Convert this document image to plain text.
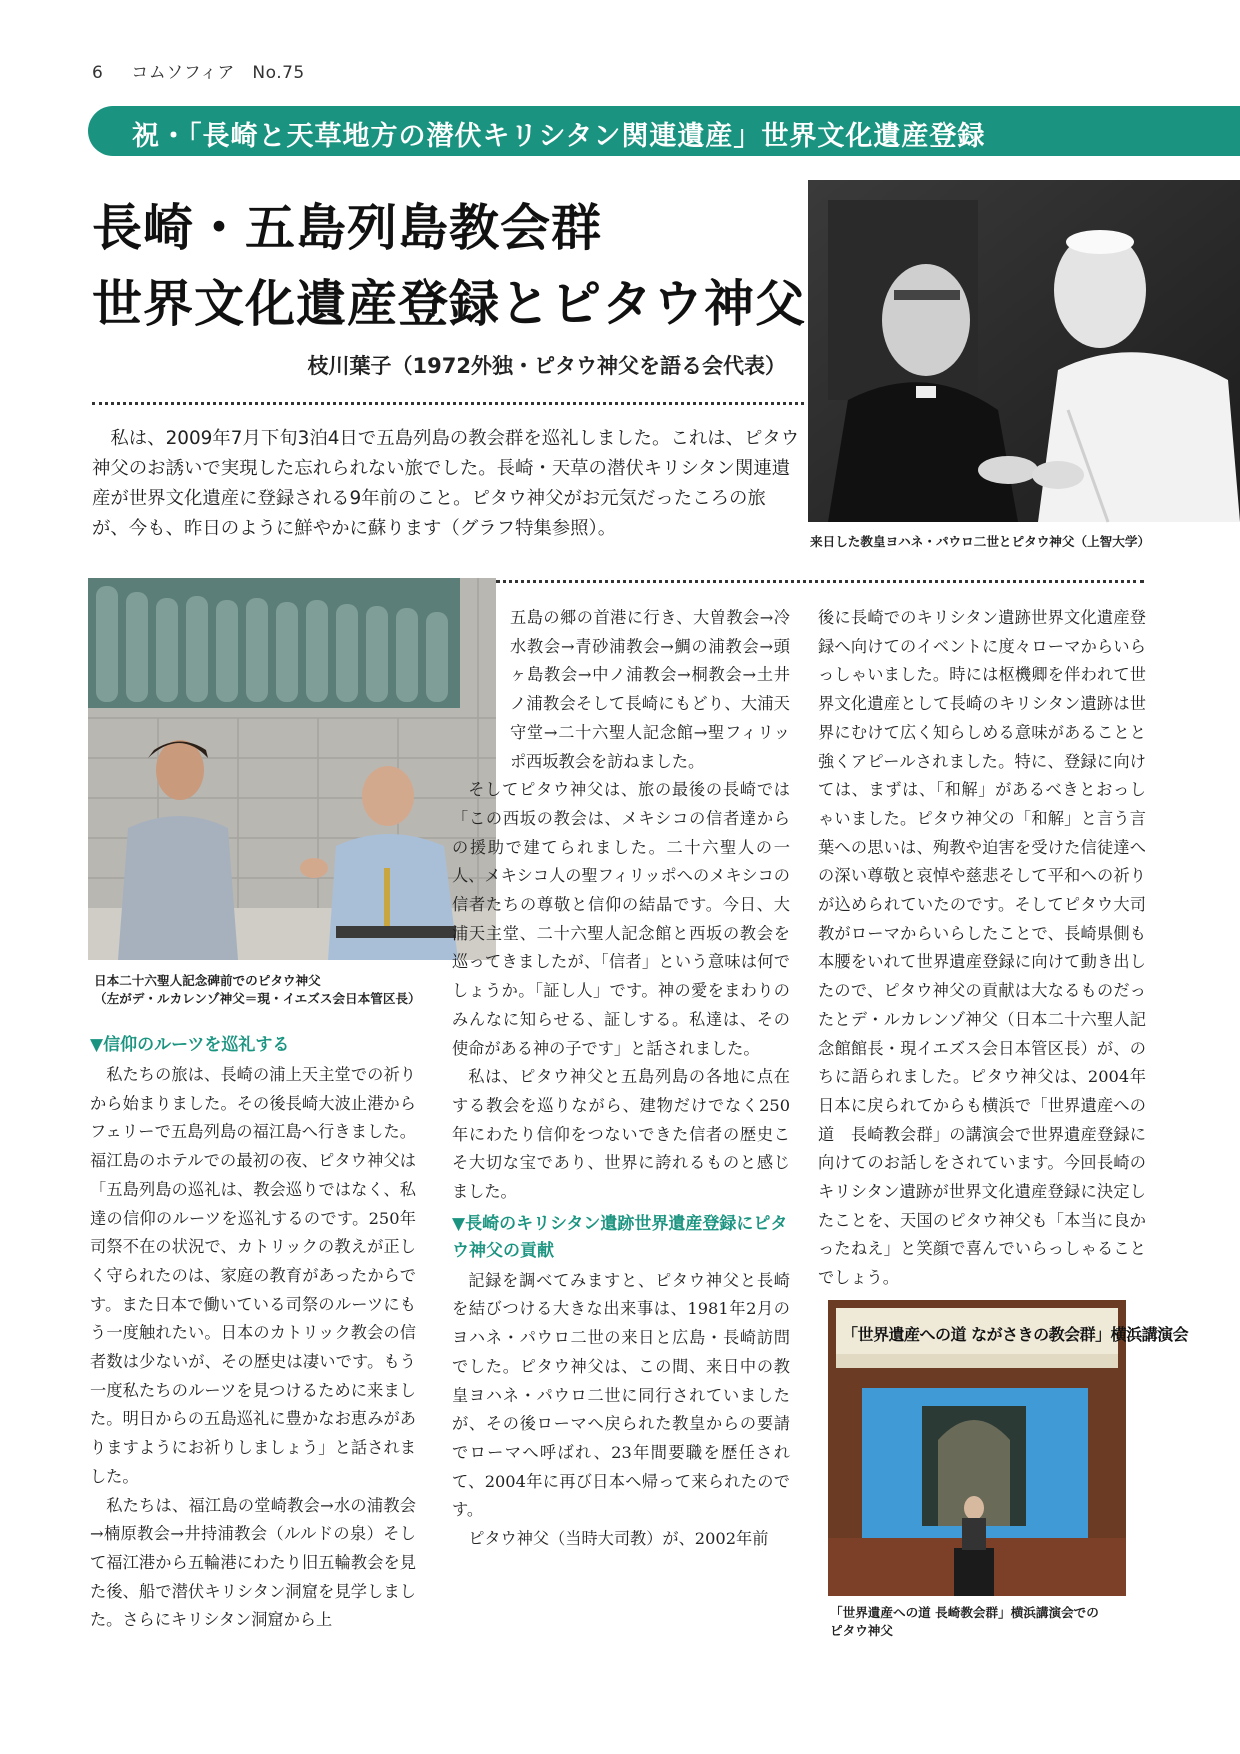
6 コムソフィア　No.75
祝・「長崎と天草地方の潜伏キリシタン関連遺産」世界文化遺産登録
長崎・五島列島教会群
世界文化遺産登録とピタウ神父
枝川葉子（1972外独・ピタウ神父を語る会代表）

私は、2009年7月下旬3泊4日で五島列島の教会群を巡礼しました。これは、ピタウ神父のお誘いで実現した忘れられない旅でした。長崎・天草の潜伏キリシタン関連遺産が世界文化遺産に登録される9年前のこと。ピタウ神父がお元気だったころの旅が、今も、昨日のように鮮やかに蘇ります（グラフ特集参照）。

来日した教皇ヨハネ・パウロ二世とピタウ神父（上智大学）
日本二十六聖人記念碑前でのピタウ神父
（左がデ・ルカレンゾ神父＝現・イエズス会日本管区長）
▼信仰のルーツを巡礼する

私たちの旅は、長崎の浦上天主堂での祈りから始まりました。その後長崎大波止港からフェリーで五島列島の福江島へ行きました。福江島のホテルでの最初の夜、ピタウ神父は「五島列島の巡礼は、教会巡りではなく、私達の信仰のルーツを巡礼するのです。250年司祭不在の状況で、カトリックの教えが正しく守られたのは、家庭の教育があったからです。また日本で働いている司祭のルーツにもう一度触れたい。日本のカトリック教会の信者数は少ないが、その歴史は凄いです。もう一度私たちのルーツを見つけるために来ました。明日からの五島巡礼に豊かなお恵みがありますようにお祈りしましょう」と話されました。

私たちは、福江島の堂崎教会→水の浦教会→楠原教会→井持浦教会（ルルドの泉）そして福江港から五輪港にわたり旧五輪教会を見た後、船で潜伏キリシタン洞窟を見学しました。さらにキリシタン洞窟から上

五島の郷の首港に行き、大曽教会→冷水教会→青砂浦教会→鯛の浦教会→頭ヶ島教会→中ノ浦教会→桐教会→土井ノ浦教会そして長崎にもどり、大浦天守堂→二十六聖人記念館→聖フィリッポ西坂教会を訪ねました。

そしてピタウ神父は、旅の最後の長崎では「この西坂の教会は、メキシコの信者達からの援助で建てられました。二十六聖人の一人、メキシコ人の聖フィリッポへのメキシコの信者たちの尊敬と信仰の結晶です。今日、大浦天主堂、二十六聖人記念館と西坂の教会を巡ってきましたが、「信者」という意味は何でしょうか。「証し人」です。神の愛をまわりのみんなに知らせる、証しする。私達は、その使命がある神の子です」と話されました。

私は、ピタウ神父と五島列島の各地に点在する教会を巡りながら、建物だけでなく250年にわたり信仰をつないできた信者の歴史こそ大切な宝であり、世界に誇れるものと感じました。

▼長崎のキリシタン遺跡世界遺産登録にピタウ神父の貢献

記録を調べてみますと、ピタウ神父と長崎を結びつける大きな出来事は、1981年2月のヨハネ・パウロ二世の来日と広島・長崎訪問でした。ピタウ神父は、この間、来日中の教皇ヨハネ・パウロ二世に同行されていましたが、その後ローマへ戻られた教皇からの要請でローマへ呼ばれ、23年間要職を歴任されて、2004年に再び日本へ帰って来られたのです。

ピタウ神父（当時大司教）が、2002年前

後に長崎でのキリシタン遺跡世界文化遺産登録へ向けてのイベントに度々ローマからいらっしゃいました。時には枢機卿を伴われて世界文化遺産として長崎のキリシタン遺跡は世界にむけて広く知らしめる意味があることと強くアピールされました。特に、登録に向けては、まずは、「和解」があるべきとおっしゃいました。ピタウ神父の「和解」と言う言葉への思いは、殉教や迫害を受けた信徒達への深い尊敬と哀悼や慈悲そして平和への祈りが込められていたのです。そしてピタウ大司教がローマからいらしたことで、長崎県側も本腰をいれて世界遺産登録に向けて動き出したので、ピタウ神父の貢献は大なるものだったとデ・ルカレンゾ神父（日本二十六聖人記念館館長・現イエズス会日本管区長）が、のちに語られました。ピタウ神父は、2004年日本に戻られてからも横浜で「世界遺産への道　長崎教会群」の講演会で世界遺産登録に向けてのお話しをされています。今回長崎のキリシタン遺跡が世界文化遺産登録に決定したことを、天国のピタウ神父も「本当に良かったねえ」と笑顔で喜んでいらっしゃることでしょう。

「世界遺産への道 ながさきの教会群」横浜講演会
「世界遺産への道 長崎教会群」横浜講演会での
ピタウ神父
